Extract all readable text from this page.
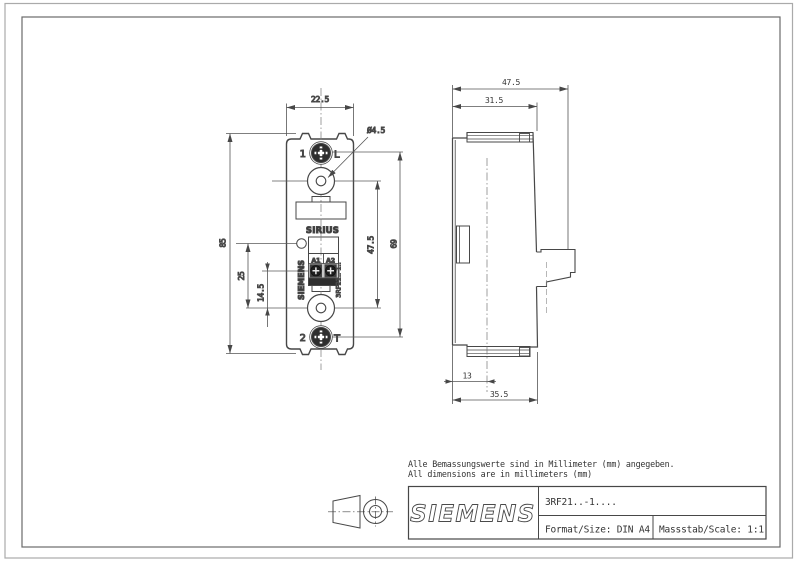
1	L
2	T
SIRIUS
A1 A2
SIEMENS	3RF21..-1..
22.5
85
25
14.5
Ø4.5
47.5 69
47.5
31.5
13
35.5
Alle Bemassungswerte sind in Millimeter (mm) angegeben.
All dimensions are in millimeters (mm)
SIEMENS 3RF21..-1....
Format/Size: DIN A4 Massstab/Scale: 1:1
